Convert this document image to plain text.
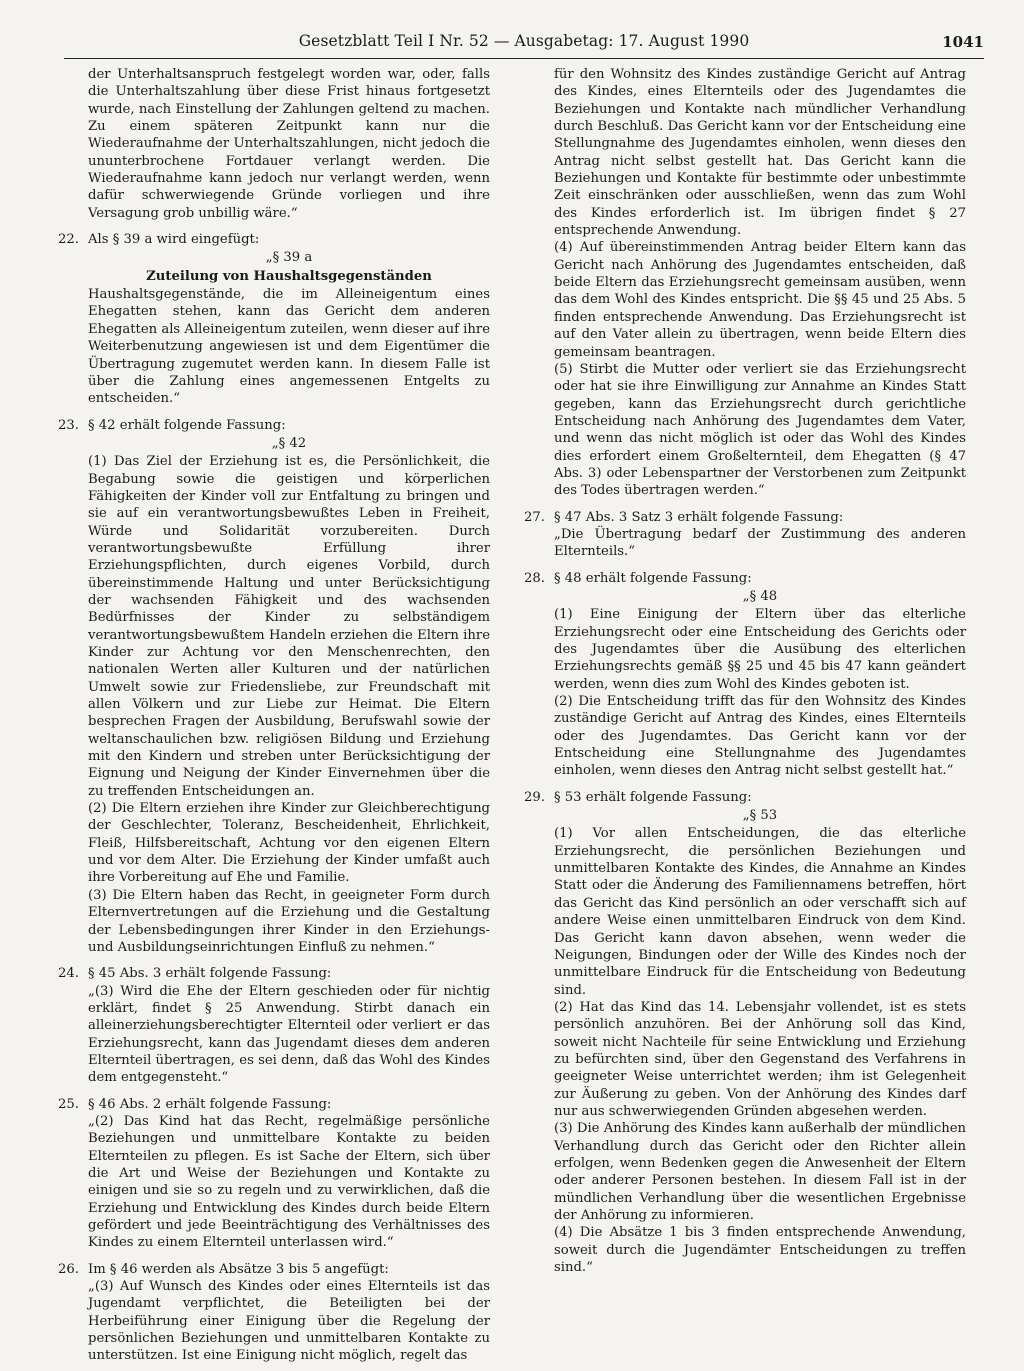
Gesetzblatt Teil I Nr. 52 — Ausgabetag: 17. August 1990	1041

der Unterhaltsanspruch festgelegt worden war, oder, falls die Unterhaltszahlung über diese Frist hinaus fortgesetzt wurde, nach Einstellung der Zahlungen geltend zu machen. Zu einem späteren Zeitpunkt kann nur die Wiederaufnahme der Unterhaltszahlungen, nicht jedoch die ununterbrochene Fortdauer verlangt werden. Die Wiederaufnahme kann jedoch nur verlangt werden, wenn dafür schwerwiegende Gründe vorliegen und ihre Versagung grob unbillig wäre.“

22. Als § 39 a wird eingefügt:

„§ 39 a

Zuteilung von Haushaltsgegenständen

Haushaltsgegenstände, die im Alleineigentum eines Ehegatten stehen, kann das Gericht dem anderen Ehegatten als Alleineigentum zuteilen, wenn dieser auf ihre Weiterbenutzung angewiesen ist und dem Eigentümer die Übertragung zugemutet werden kann. In diesem Falle ist über die Zahlung eines angemessenen Entgelts zu entscheiden.“

23. § 42 erhält folgende Fassung:

„§ 42

(1) Das Ziel der Erziehung ist es, die Persönlichkeit, die Begabung sowie die geistigen und körperlichen Fähigkeiten der Kinder voll zur Entfaltung zu bringen und sie auf ein verantwortungsbewußtes Leben in Freiheit, Würde und Solidarität vorzubereiten. Durch verantwortungsbewußte Erfüllung ihrer Erziehungspflichten, durch eigenes Vorbild, durch übereinstimmende Haltung und unter Berücksichtigung der wachsenden Fähigkeit und des wachsenden Bedürfnisses der Kinder zu selbständigem verantwortungsbewußtem Handeln erziehen die Eltern ihre Kinder zur Achtung vor den Menschenrechten, den nationalen Werten aller Kulturen und der natürlichen Umwelt sowie zur Friedensliebe, zur Freundschaft mit allen Völkern und zur Liebe zur Heimat. Die Eltern besprechen Fragen der Ausbildung, Berufswahl sowie der weltanschaulichen bzw. religiösen Bildung und Erziehung mit den Kindern und streben unter Berücksichtigung der Eignung und Neigung der Kinder Einvernehmen über die zu treffenden Entscheidungen an.

(2) Die Eltern erziehen ihre Kinder zur Gleichberechtigung der Geschlechter, Toleranz, Bescheidenheit, Ehrlichkeit, Fleiß, Hilfsbereitschaft, Achtung vor den eigenen Eltern und vor dem Alter. Die Erziehung der Kinder umfaßt auch ihre Vorbereitung auf Ehe und Familie.

(3) Die Eltern haben das Recht, in geeigneter Form durch Elternvertretungen auf die Erziehung und die Gestaltung der Lebensbedingungen ihrer Kinder in den Erziehungs- und Ausbildungseinrichtungen Einfluß zu nehmen.“

24. § 45 Abs. 3 erhält folgende Fassung:

„(3) Wird die Ehe der Eltern geschieden oder für nichtig erklärt, findet § 25 Anwendung. Stirbt danach ein alleinerziehungsberechtigter Elternteil oder verliert er das Erziehungsrecht, kann das Jugendamt dieses dem anderen Elternteil übertragen, es sei denn, daß das Wohl des Kindes dem entgegensteht.“

25. § 46 Abs. 2 erhält folgende Fassung:

„(2) Das Kind hat das Recht, regelmäßige persönliche Beziehungen und unmittelbare Kontakte zu beiden Elternteilen zu pflegen. Es ist Sache der Eltern, sich über die Art und Weise der Beziehungen und Kontakte zu einigen und sie so zu regeln und zu verwirklichen, daß die Erziehung und Entwicklung des Kindes durch beide Eltern gefördert und jede Beeinträchtigung des Verhältnisses des Kindes zu einem Elternteil unterlassen wird.“

26. Im § 46 werden als Absätze 3 bis 5 angefügt:

„(3) Auf Wunsch des Kindes oder eines Elternteils ist das Jugendamt verpflichtet, die Beteiligten bei der Herbeiführung einer Einigung über die Regelung der persönlichen Beziehungen und unmittelbaren Kontakte zu unterstützen. Ist eine Einigung nicht möglich, regelt das

für den Wohnsitz des Kindes zuständige Gericht auf Antrag des Kindes, eines Elternteils oder des Jugendamtes die Beziehungen und Kontakte nach mündlicher Verhandlung durch Beschluß. Das Gericht kann vor der Entscheidung eine Stellungnahme des Jugendamtes einholen, wenn dieses den Antrag nicht selbst gestellt hat. Das Gericht kann die Beziehungen und Kontakte für bestimmte oder unbestimmte Zeit einschränken oder ausschließen, wenn das zum Wohl des Kindes erforderlich ist. Im übrigen findet § 27 entsprechende Anwendung.

(4) Auf übereinstimmenden Antrag beider Eltern kann das Gericht nach Anhörung des Jugendamtes entscheiden, daß beide Eltern das Erziehungsrecht gemeinsam ausüben, wenn das dem Wohl des Kindes entspricht. Die §§ 45 und 25 Abs. 5 finden entsprechende Anwendung. Das Erziehungsrecht ist auf den Vater allein zu übertragen, wenn beide Eltern dies gemeinsam beantragen.

(5) Stirbt die Mutter oder verliert sie das Erziehungsrecht oder hat sie ihre Einwilligung zur Annahme an Kindes Statt gegeben, kann das Erziehungsrecht durch gerichtliche Entscheidung nach Anhörung des Jugendamtes dem Vater, und wenn das nicht möglich ist oder das Wohl des Kindes dies erfordert einem Großelternteil, dem Ehegatten (§ 47 Abs. 3) oder Lebenspartner der Verstorbenen zum Zeitpunkt des Todes übertragen werden.“

27. § 47 Abs. 3 Satz 3 erhält folgende Fassung:

„Die Übertragung bedarf der Zustimmung des anderen Elternteils.“

28. § 48 erhält folgende Fassung:

„§ 48

(1) Eine Einigung der Eltern über das elterliche Erziehungsrecht oder eine Entscheidung des Gerichts oder des Jugendamtes über die Ausübung des elterlichen Erziehungsrechts gemäß §§ 25 und 45 bis 47 kann geändert werden, wenn dies zum Wohl des Kindes geboten ist.

(2) Die Entscheidung trifft das für den Wohnsitz des Kindes zuständige Gericht auf Antrag des Kindes, eines Elternteils oder des Jugendamtes. Das Gericht kann vor der Entscheidung eine Stellungnahme des Jugendamtes einholen, wenn dieses den Antrag nicht selbst gestellt hat.“

29. § 53 erhält folgende Fassung:

„§ 53

(1) Vor allen Entscheidungen, die das elterliche Erziehungsrecht, die persönlichen Beziehungen und unmittelbaren Kontakte des Kindes, die Annahme an Kindes Statt oder die Änderung des Familiennamens betreffen, hört das Gericht das Kind persönlich an oder verschafft sich auf andere Weise einen unmittelbaren Eindruck von dem Kind. Das Gericht kann davon absehen, wenn weder die Neigungen, Bindungen oder der Wille des Kindes noch der unmittelbare Eindruck für die Entscheidung von Bedeutung sind.

(2) Hat das Kind das 14. Lebensjahr vollendet, ist es stets persönlich anzuhören. Bei der Anhörung soll das Kind, soweit nicht Nachteile für seine Entwicklung und Erziehung zu befürchten sind, über den Gegenstand des Verfahrens in geeigneter Weise unterrichtet werden; ihm ist Gelegenheit zur Äußerung zu geben. Von der Anhörung des Kindes darf nur aus schwerwiegenden Gründen abgesehen werden.

(3) Die Anhörung des Kindes kann außerhalb der mündlichen Verhandlung durch das Gericht oder den Richter allein erfolgen, wenn Bedenken gegen die Anwesenheit der Eltern oder anderer Personen bestehen. In diesem Fall ist in der mündlichen Verhandlung über die wesentlichen Ergebnisse der Anhörung zu informieren.

(4) Die Absätze 1 bis 3 finden entsprechende Anwendung, soweit durch die Jugendämter Entscheidungen zu treffen sind.“
